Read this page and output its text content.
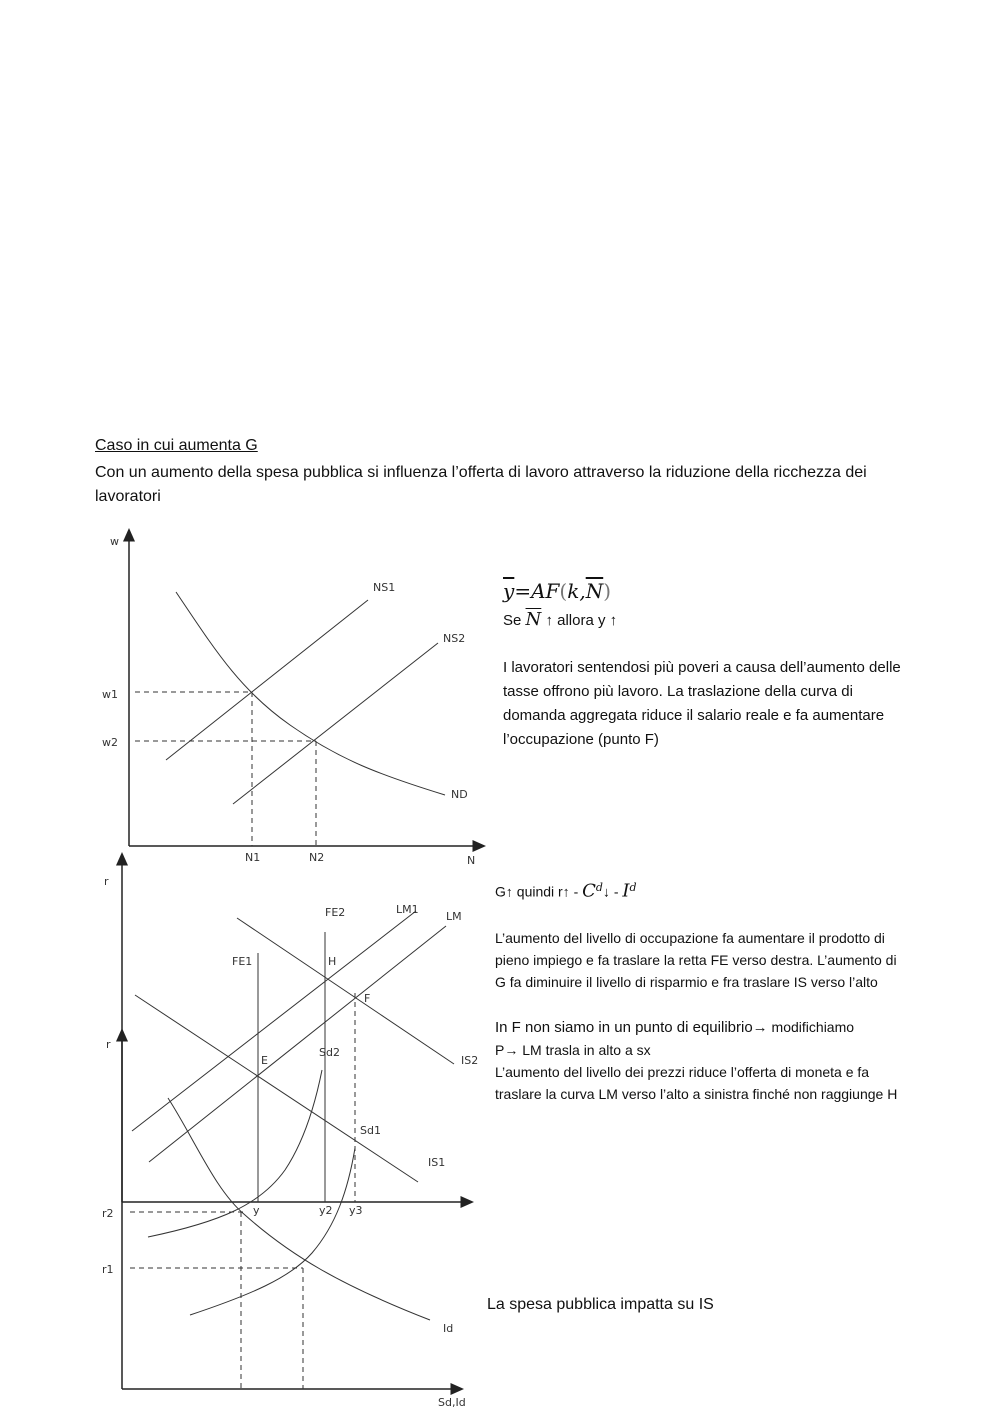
Caso in cui aumenta G
Con un aumento della spesa pubblica si influenza l’offerta di lavoro attraverso la riduzione della ricchezza dei lavoratori
w
N
NS1
NS2
ND
w1
w2
N1	N2
r
FE1
FE2	LM1
LM
IS1
IS2
H
F
E
y	y2 y3
r
Sd,Id
Sd2
Sd1
Id
r2
r1
$\overline{y}=AF(k,\overline{N})$
Se $\overline{N}$ ↑ allora y ↑
I lavoratori sentendosi più poveri a causa dell’aumento delle tasse offrono più lavoro. La traslazione della curva di domanda aggregata riduce il salario reale e fa aumentare l’occupazione (punto F)
G↑ quindi r↑ - $C^d↓ - I^d$
L’aumento del livello di occupazione fa aumentare il prodotto di pieno impiego e fa traslare la retta FE verso destra. L’aumento di G fa diminuire il livello di risparmio e fra traslare IS verso l’alto
In F non siamo in un punto di equilibrio→ modifichiamo
P→ LM trasla in alto a sx
L’aumento del livello dei prezzi riduce l’offerta di moneta e fa traslare la curva LM verso l’alto a sinistra finché non raggiunge H
La spesa pubblica impatta su IS
